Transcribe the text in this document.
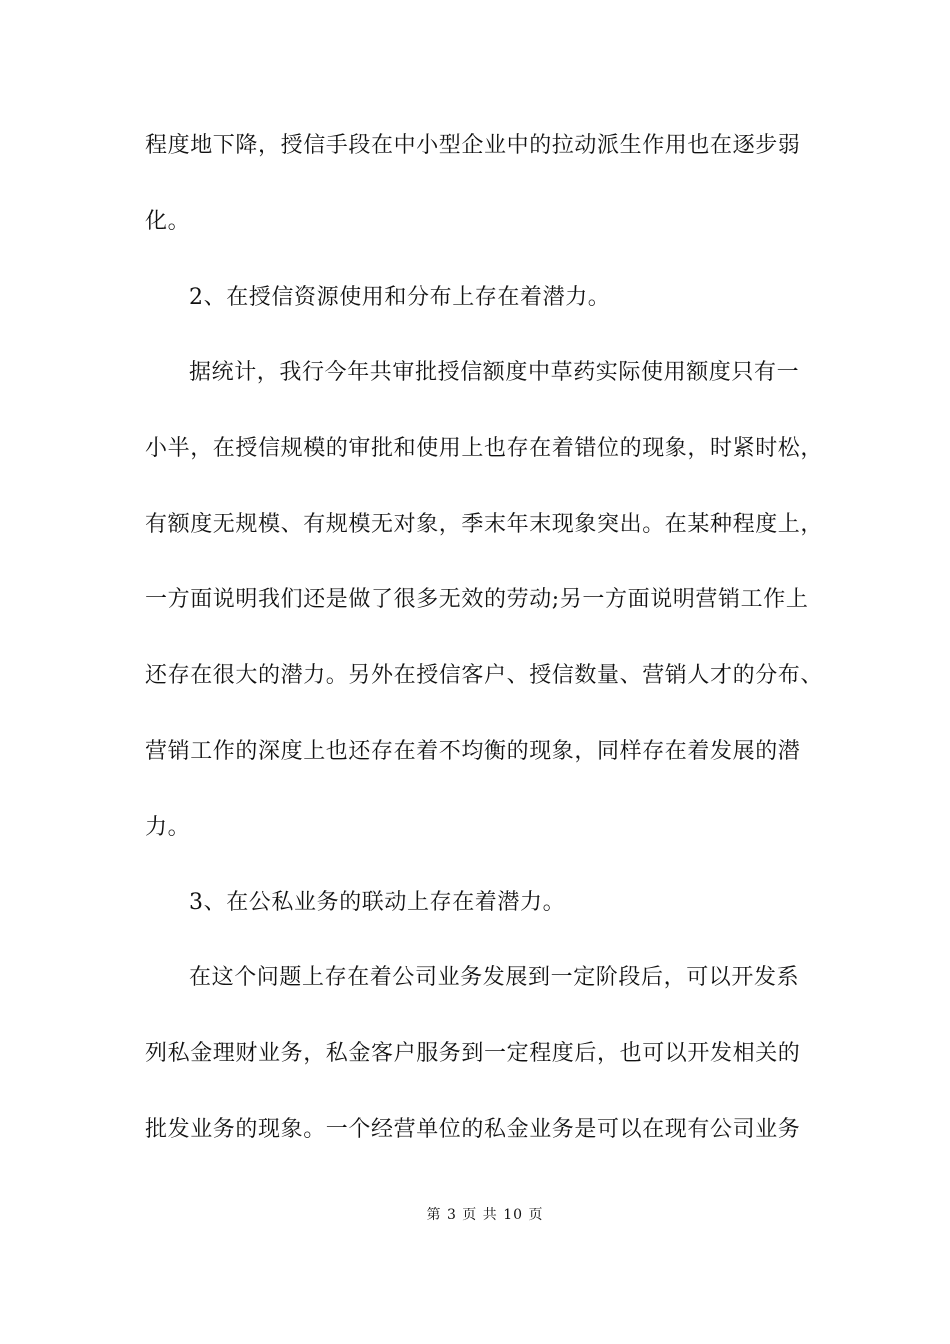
程度地下降，授信手段在中小型企业中的拉动派生作用也在逐步弱
化。
2、在授信资源使用和分布上存在着潜力。
据统计，我行今年共审批授信额度中草药实际使用额度只有一
小半，在授信规模的审批和使用上也存在着错位的现象，时紧时松，
有额度无规模、有规模无对象，季末年末现象突出。在某种程度上，
一方面说明我们还是做了很多无效的劳动;另一方面说明营销工作上
还存在很大的潜力。另外在授信客户、授信数量、营销人才的分布、
营销工作的深度上也还存在着不均衡的现象，同样存在着发展的潜
力。
3、在公私业务的联动上存在着潜力。
在这个问题上存在着公司业务发展到一定阶段后，可以开发系
列私金理财业务，私金客户服务到一定程度后，也可以开发相关的
批发业务的现象。一个经营单位的私金业务是可以在现有公司业务
第 3 页 共 10 页
